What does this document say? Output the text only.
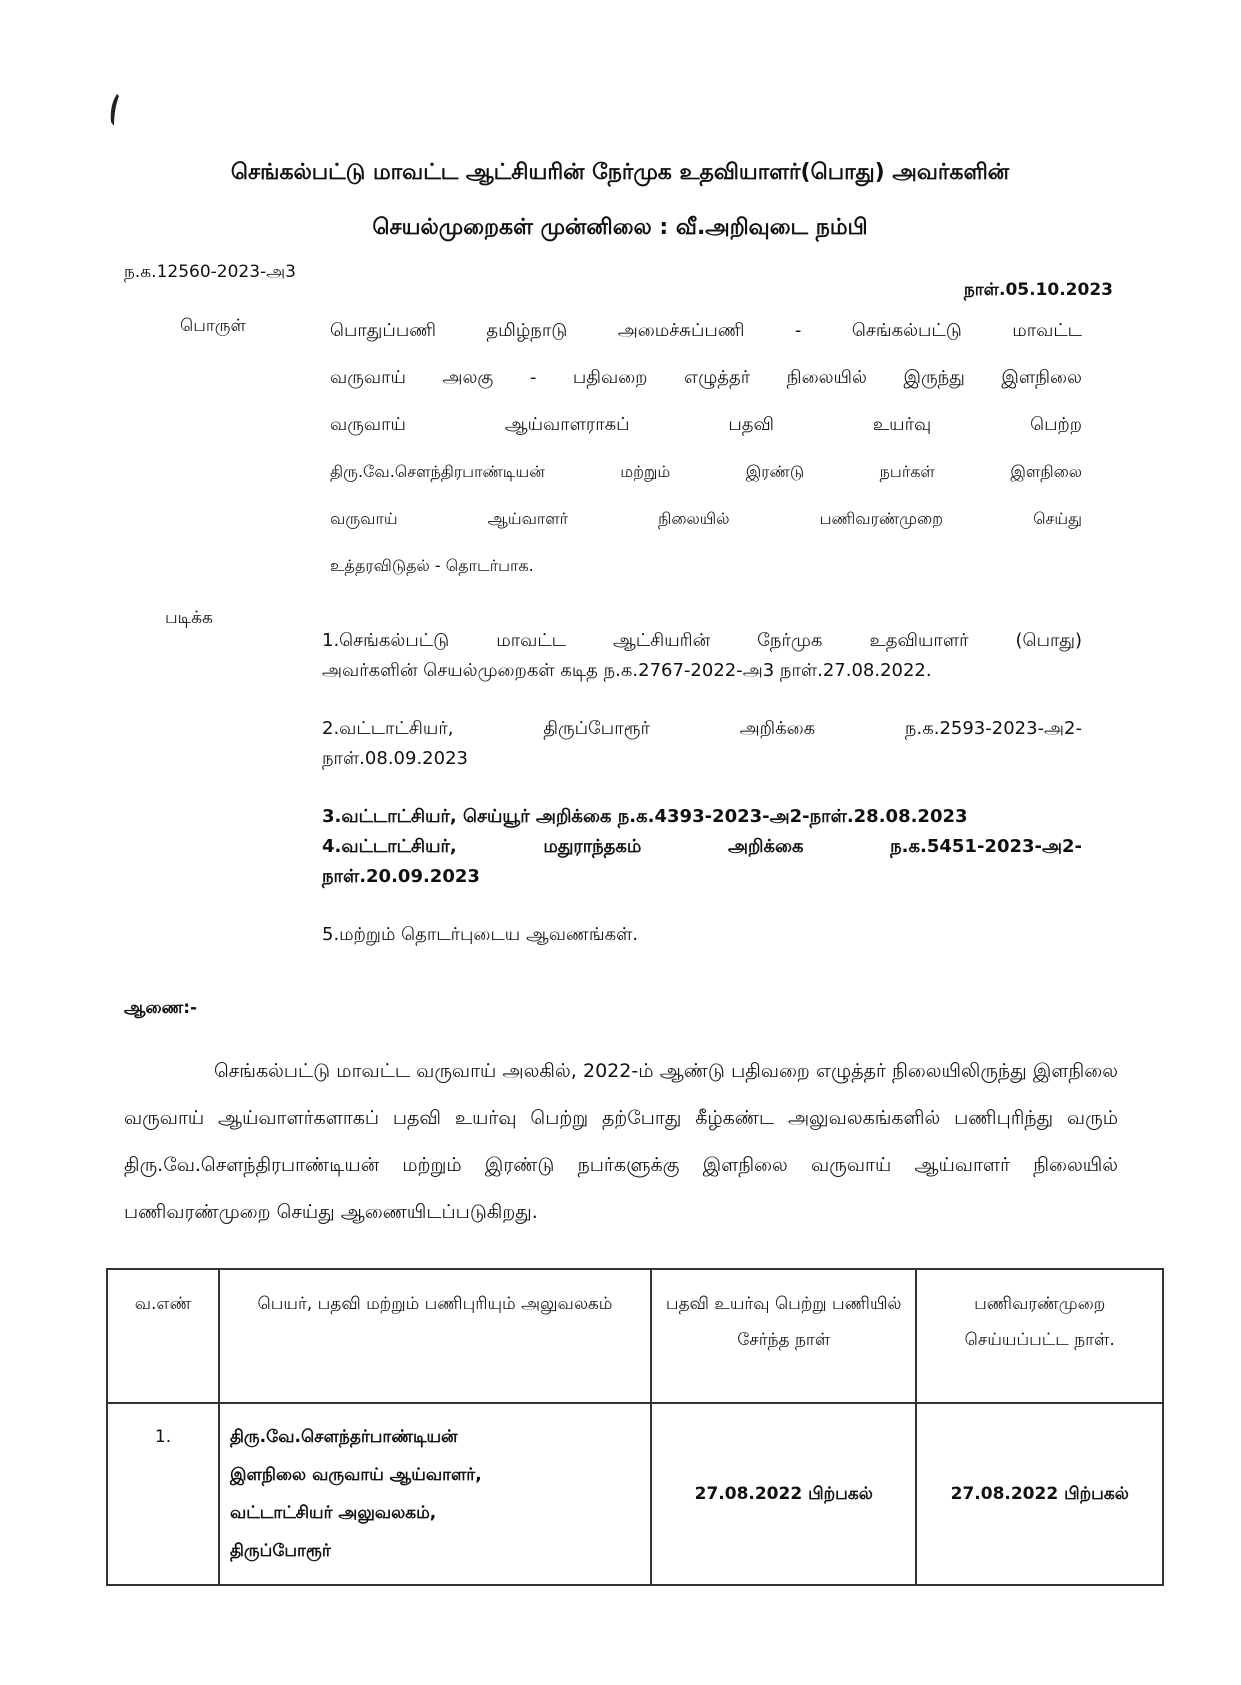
செங்கல்பட்டு மாவட்ட ஆட்சியரின் நேர்முக உதவியாளர்(பொது) அவர்களின்
செயல்முறைகள் முன்னிலை : வீ.அறிவுடை நம்பி
ந.க.12560-2023-அ3
நாள்.05.10.2023
பொருள்	பொதுப்பணி தமிழ்நாடு அமைச்சுப்பணி - செங்கல்பட்டு மாவட்ட

வருவாய் அலகு - பதிவறை எழுத்தர் நிலையில் இருந்து இளநிலை

வருவாய் ஆய்வாளராகப் பதவி உயர்வு பெற்ற

திரு.வே.சௌந்திரபாண்டியன் மற்றும் இரண்டு நபர்கள் இளநிலை

வருவாய் ஆய்வாளர் நிலையில் பணிவரண்முறை செய்து

உத்தரவிடுதல் - தொடர்பாக.

படிக்க

1.செங்கல்பட்டு மாவட்ட ஆட்சியரின் நேர்முக உதவியாளர் (பொது)

அவர்களின் செயல்முறைகள் கடித ந.க.2767-2022-அ3 நாள்.27.08.2022.

2.வட்டாட்சியர், திருப்போரூர் அறிக்கை ந.க.2593-2023-அ2-

நாள்.08.09.2023

3.வட்டாட்சியர், செய்யூர் அறிக்கை ந.க.4393-2023-அ2-நாள்.28.08.2023

4.வட்டாட்சியர், மதுராந்தகம் அறிக்கை ந.க.5451-2023-அ2-

நாள்.20.09.2023

5.மற்றும் தொடர்புடைய ஆவணங்கள்.

ஆணை:-

செங்கல்பட்டு மாவட்ட வருவாய் அலகில், 2022-ம் ஆண்டு பதிவறை எழுத்தர் நிலையிலிருந்து இளநிலை வருவாய் ஆய்வாளர்களாகப் பதவி உயர்வு பெற்று தற்போது கீழ்கண்ட அலுவலகங்களில் பணிபுரிந்து வரும் திரு.வே.சௌந்திரபாண்டியன் மற்றும் இரண்டு நபர்களுக்கு இளநிலை வருவாய் ஆய்வாளர் நிலையில் பணிவரண்முறை செய்து ஆணையிடப்படுகிறது.

வ.எண்	பெயர், பதவி மற்றும் பணிபுரியும் அலுவலகம்	பதவி உயர்வு பெற்று பணியில் சேர்ந்த நாள்	பணிவரண்முறை செய்யப்பட்ட நாள்.
1.	திரு.வே.சௌந்தர்பாண்டியன்
இளநிலை வருவாய் ஆய்வாளர்,
வட்டாட்சியர் அலுவலகம்,
திருப்போரூர்	27.08.2022 பிற்பகல்	27.08.2022 பிற்பகல்
